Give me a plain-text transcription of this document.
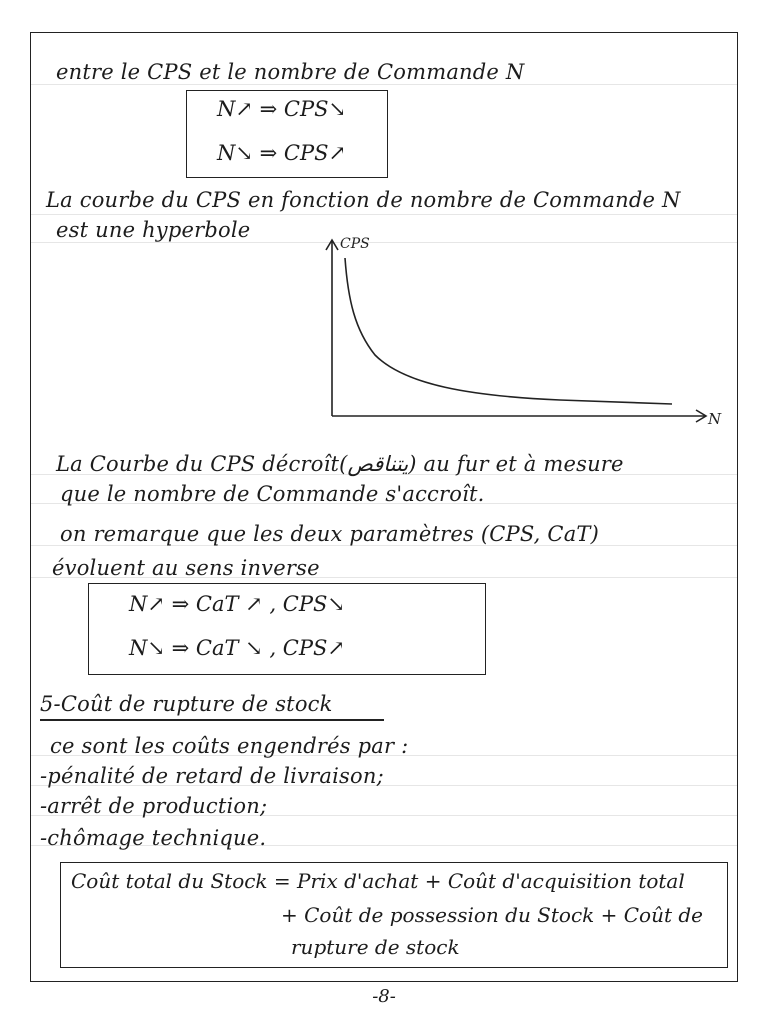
entre le CPS et le nombre de Commande N
N↗ ⇒ CPS↘
N↘ ⇒ CPS↗
La courbe du CPS en fonction de nombre de Commande N
est une hyperbole
CPS
N
La Courbe du CPS décroît(يتناقص) au fur et à mesure
que le nombre de Commande s'accroît.
on remarque que les deux paramètres (CPS, CaT)
évoluent au sens inverse
N↗ ⇒ CaT ↗ , CPS↘
N↘ ⇒ CaT ↘ , CPS↗
5-Coût de rupture de stock
ce sont les coûts engendrés par :
-pénalité de retard de livraison;
-arrêt de production;
-chômage technique.
Coût total du Stock = Prix d'achat + Coût d'acquisition total
+ Coût de possession du Stock + Coût de
rupture de stock
-8-
